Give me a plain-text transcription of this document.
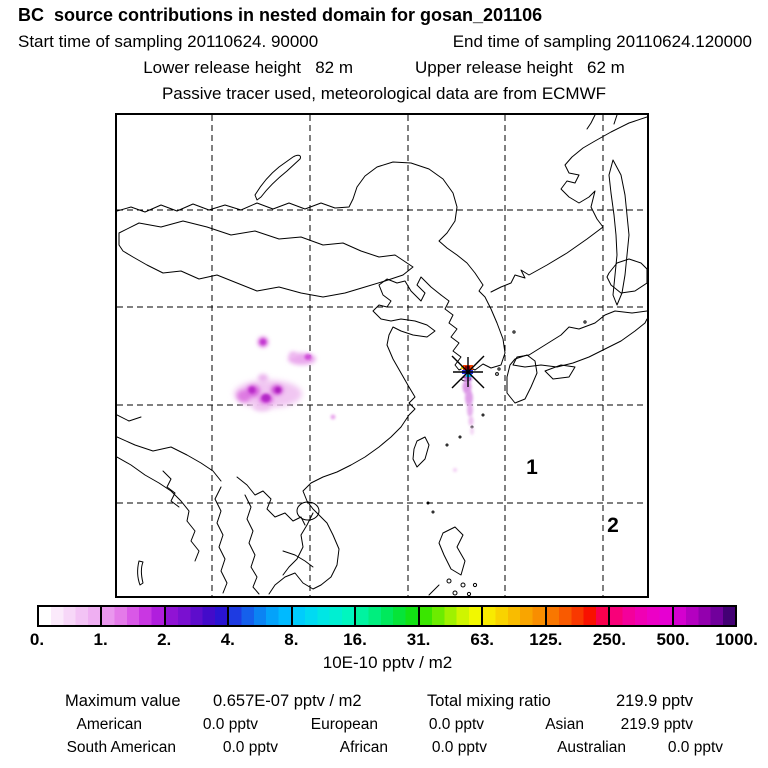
BC  source contributions in nested domain for gosan_201106
Start time of sampling 20110624. 90000	End time of sampling 20110624.120000
Lower release height   82 m	Upper release height   62 m
Passive tracer used, meteorological data are from ECMWF
1
2
0.	1.	2.	4.	8.	16. 31. 63. 125. 250. 500. 1000.
10E-10 pptv / m2
Maximum value 0.657E-07 pptv / m2	Total mixing ratio	219.9 pptv
American	0.0 pptv	European	0.0 pptv	Asian 219.9 pptv
South American	0.0 pptv	African	0.0 pptv	Australian	0.0 pptv
